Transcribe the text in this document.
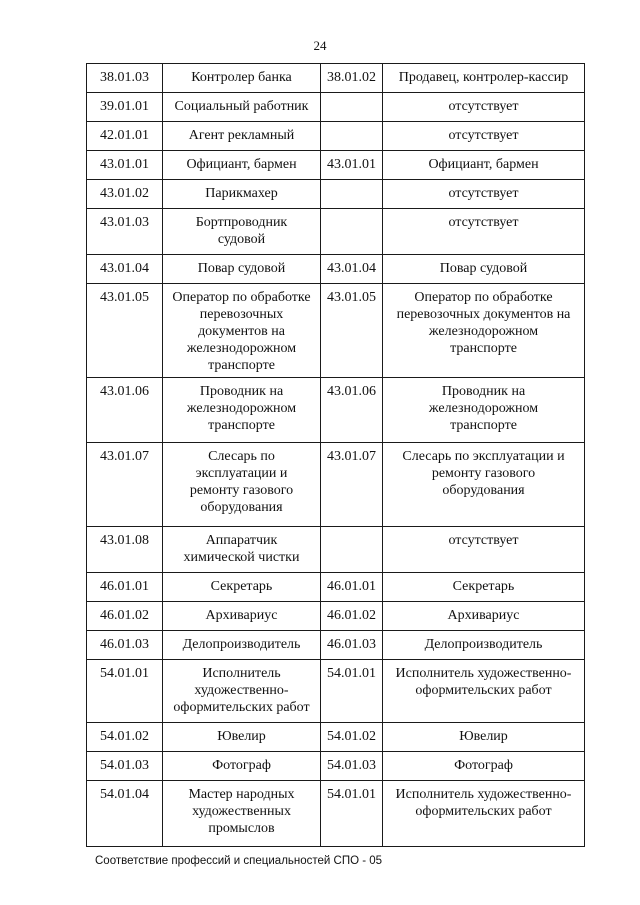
24
38.01.03	Контролер банка	38.01.02	Продавец, контролер-кассир

39.01.01	Социальный работник		отсутствует

42.01.01	Агент рекламный		отсутствует

43.01.01	Официант, бармен	43.01.01	Официант, бармен

43.01.02	Парикмахер		отсутствует

43.01.03	Бортпроводник
судовой		отсутствует

43.01.04	Повар судовой	43.01.04	Повар судовой

43.01.05	Оператор по обработке
перевозочных
документов на
железнодорожном
транспорте	43.01.05	Оператор по обработке
перевозочных документов на
железнодорожном
транспорте

43.01.06	Проводник на
железнодорожном
транспорте	43.01.06	Проводник на
железнодорожном
транспорте

43.01.07	Слесарь по
эксплуатации и
ремонту газового
оборудования	43.01.07	Слесарь по эксплуатации и
ремонту газового
оборудования

43.01.08	Аппаратчик
химической чистки		отсутствует

46.01.01	Секретарь	46.01.01	Секретарь

46.01.02	Архивариус	46.01.02	Архивариус

46.01.03	Делопроизводитель	46.01.03	Делопроизводитель

54.01.01	Исполнитель
художественно-
оформительских работ	54.01.01	Исполнитель художественно-
оформительских работ

54.01.02	Ювелир	54.01.02	Ювелир

54.01.03	Фотограф	54.01.03	Фотограф

54.01.04	Мастер народных
художественных
промыслов	54.01.01	Исполнитель художественно-
оформительских работ
Соответствие профессий и специальностей СПО - 05
